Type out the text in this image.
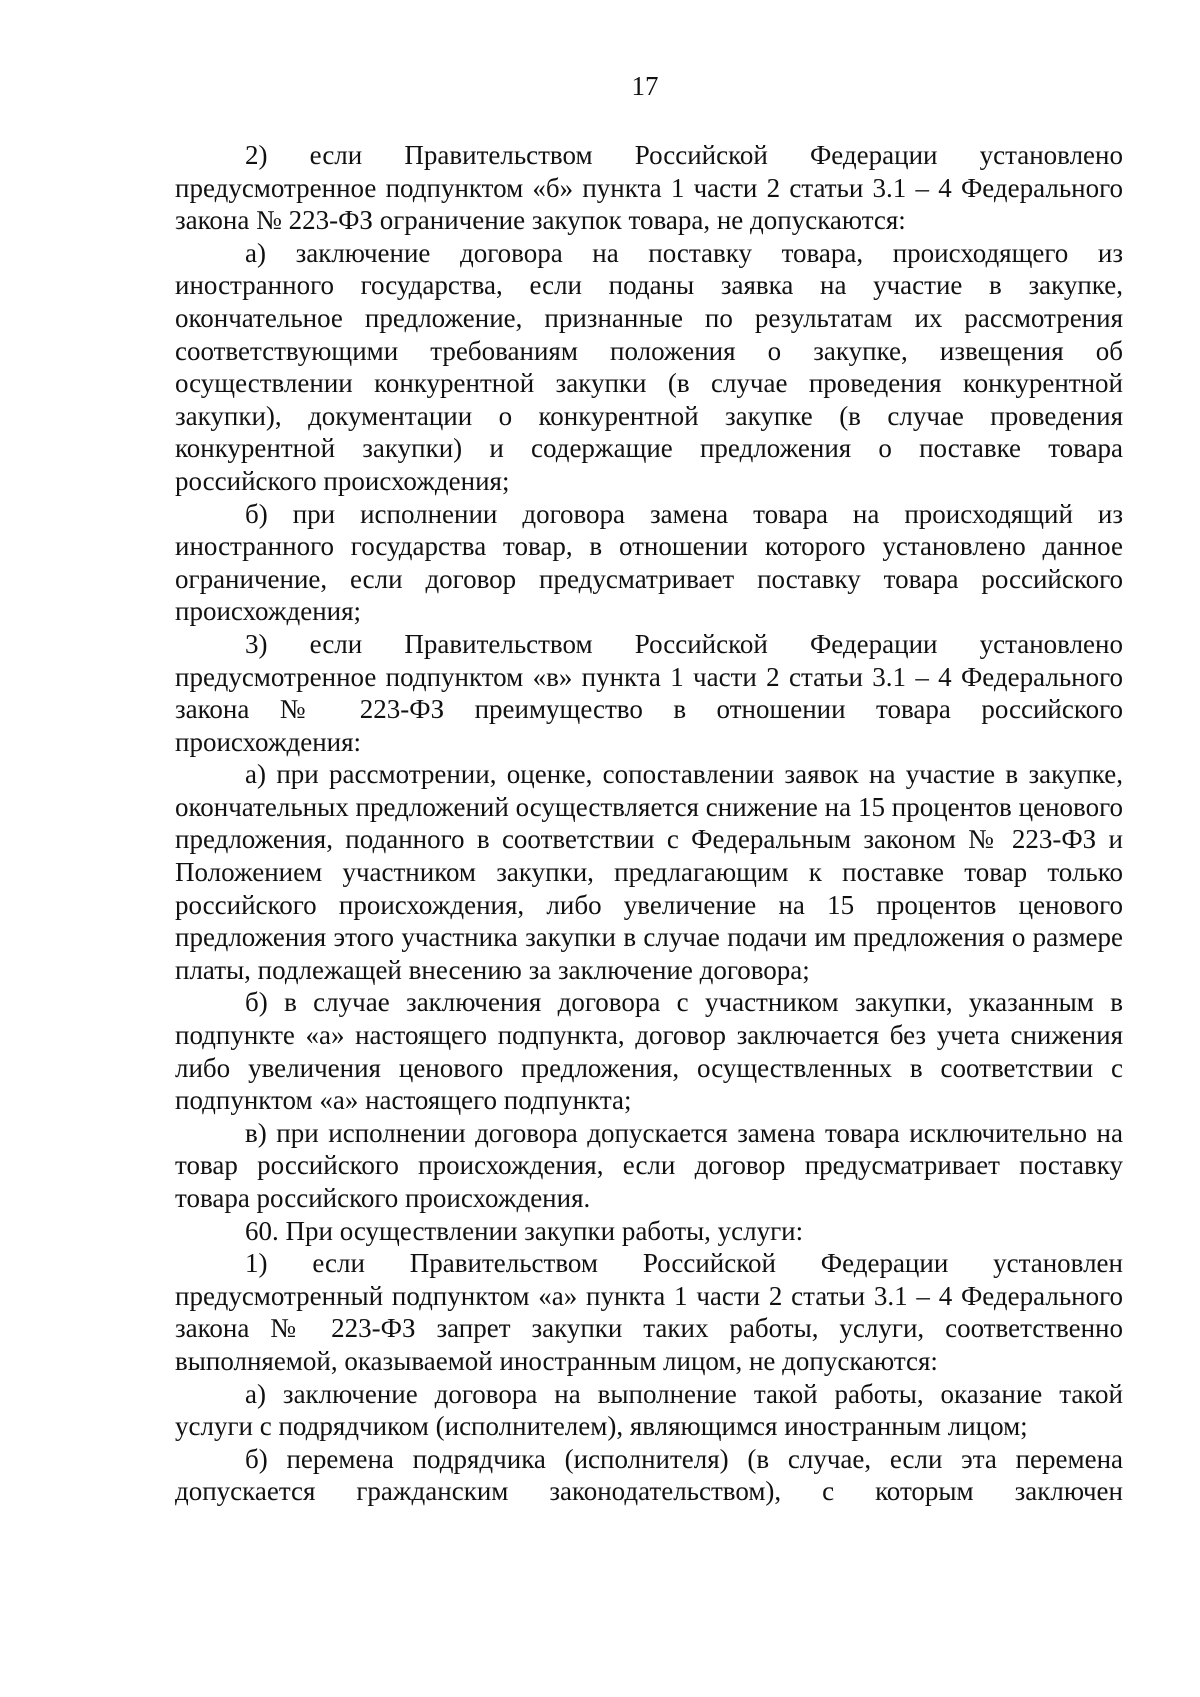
17

2) если Правительством Российской Федерации установлено предусмотренное подпунктом «б» пункта 1 части 2 статьи 3.1 – 4 Федерального закона № 223-ФЗ ограничение закупок товара, не допускаются:

а) заключение договора на поставку товара, происходящего из иностранного государства, если поданы заявка на участие в закупке, окончательное предложение, признанные по результатам их рассмотрения соответствующими требованиям положения о закупке, извещения об осуществлении конкурентной закупки (в случае проведения конкурентной закупки), документации о конкурентной закупке (в случае проведения конкурентной закупки) и содержащие предложения о поставке товара российского происхождения;

б) при исполнении договора замена товара на происходящий из иностранного государства товар, в отношении которого установлено данное ограничение, если договор предусматривает поставку товара российского происхождения;

3) если Правительством Российской Федерации установлено предусмотренное подпунктом «в» пункта 1 части 2 статьи 3.1 – 4 Федерального закона № 223-ФЗ преимущество в отношении товара российского происхождения:

а) при рассмотрении, оценке, сопоставлении заявок на участие в закупке, окончательных предложений осуществляется снижение на 15 процентов ценового предложения, поданного в соответствии с Федеральным законом № 223-ФЗ и Положением участником закупки, предлагающим к поставке товар только российского происхождения, либо увеличение на 15 процентов ценового предложения этого участника закупки в случае подачи им предложения о размере платы, подлежащей внесению за заключение договора;

б) в случае заключения договора с участником закупки, указанным в подпункте «а» настоящего подпункта, договор заключается без учета снижения либо увеличения ценового предложения, осуществленных в соответствии с подпунктом «а» настоящего подпункта;

в) при исполнении договора допускается замена товара исключительно на товар российского происхождения, если договор предусматривает поставку товара российского происхождения.

60. При осуществлении закупки работы, услуги:

1) если Правительством Российской Федерации установлен предусмотренный подпунктом «а» пункта 1 части 2 статьи 3.1 – 4 Федерального закона № 223-ФЗ запрет закупки таких работы, услуги, соответственно выполняемой, оказываемой иностранным лицом, не допускаются:

а) заключение договора на выполнение такой работы, оказание такой услуги с подрядчиком (исполнителем), являющимся иностранным лицом;

б) перемена подрядчика (исполнителя) (в случае, если эта перемена допускается гражданским законодательством), с которым заключен
